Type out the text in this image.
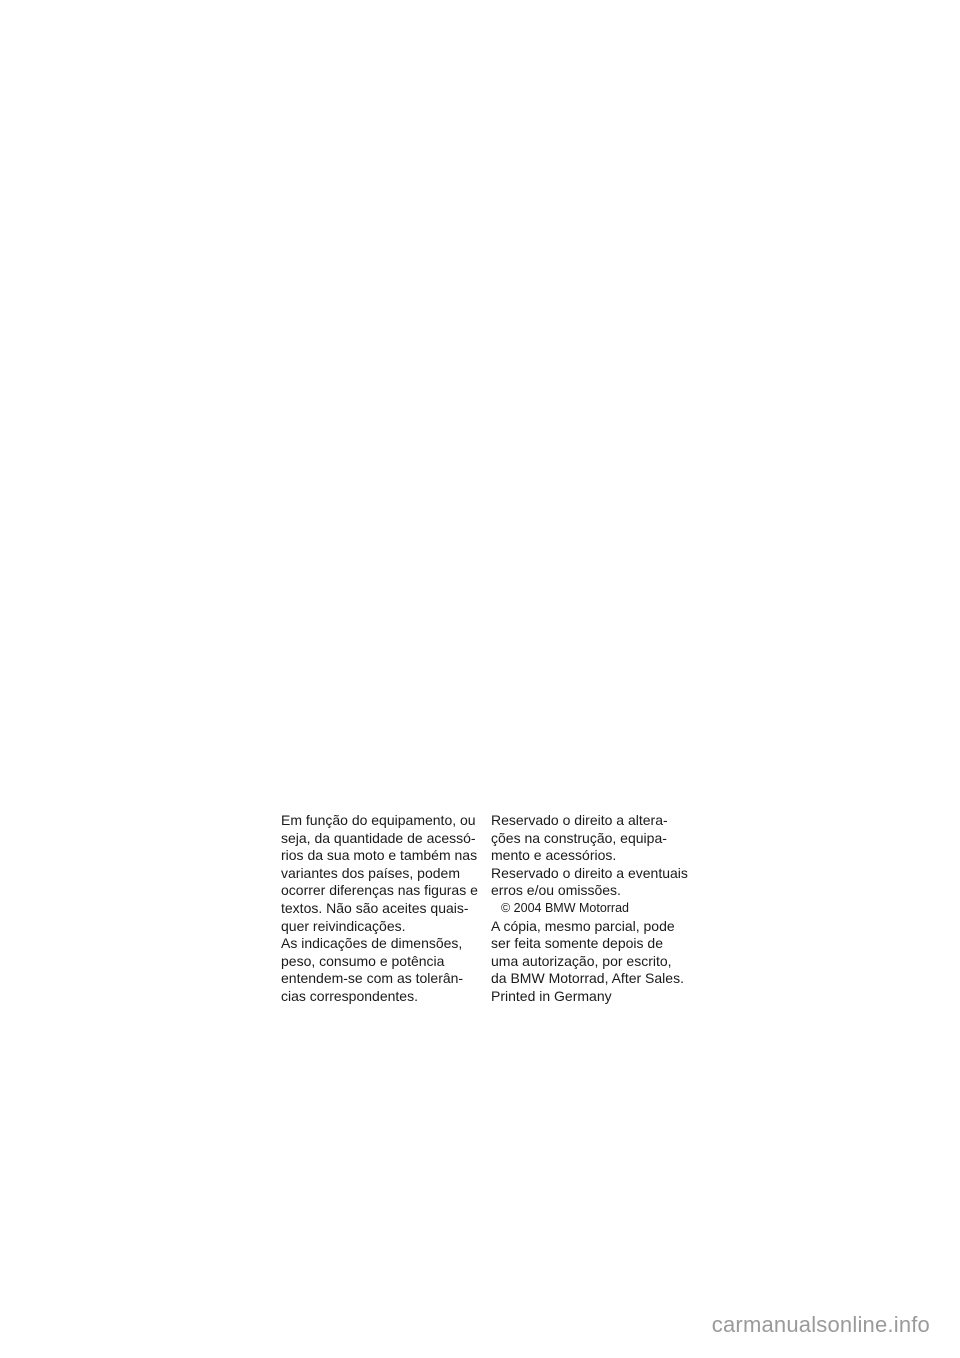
Em função do equipamento, ou
seja, da quantidade de acessó-
rios da sua moto e também nas
variantes dos países, podem
ocorrer diferenças nas figuras e
textos. Não são aceites quais-
quer reivindicações.
As indicações de dimensões,
peso, consumo e potência
entendem-se com as tolerân-
cias correspondentes.
Reservado o direito a altera-
ções na construção, equipa-
mento e acessórios.
Reservado o direito a eventuais
erros e/ou omissões.
© 2004 BMW Motorrad
A cópia, mesmo parcial, pode
ser feita somente depois de
uma autorização, por escrito,
da BMW Motorrad, After Sales.
Printed in Germany
carmanualsonline.info
